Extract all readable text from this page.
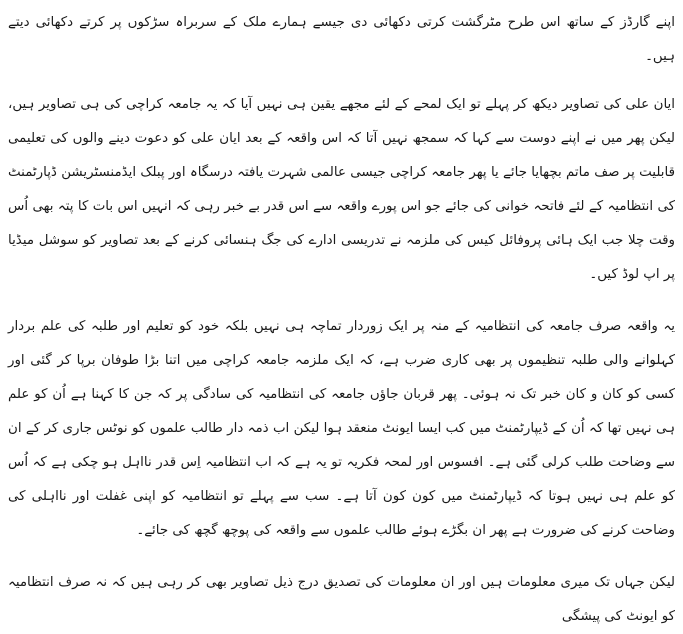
اپنے گارڈز کے ساتھ اس طرح مٹرگشت کرتی دکھائی دی جیسے ہمارے ملک کے سربراہ سڑکوں پر کرتے دکھائی دیتے ہیں۔

ایان علی کی تصاویر دیکھ کر پہلے تو ایک لمحے کے لئے مجھے یقین ہی نہیں آیا کہ یہ جامعہ کراچی کی ہی تصاویر ہیں، لیکن پھر میں نے اپنے دوست سے کہا کہ سمجھ نہیں آتا کہ اس واقعہ کے بعد ایان علی کو دعوت دینے والوں کی تعلیمی قابلیت پر صف ماتم بچھایا جائے یا پھر جامعہ کراچی جیسی عالمی شہرت یافتہ درسگاہ اور پبلک ایڈمنسٹریشن ڈپارٹمنٹ کی انتظامیہ کے لئے فاتحہ خوانی کی جائے جو اس پورے واقعہ سے اس قدر بے خبر رہی کہ انہیں اس بات کا پتہ بھی اُس وقت چلا جب ایک ہائی پروفائل کیس کی ملزمہ نے تدریسی ادارے کی جگ ہنسائی کرنے کے بعد تصاویر کو سوشل میڈیا پر اپ لوڈ کیں۔

یہ واقعہ صرف جامعہ کی انتظامیہ کے منہ پر ایک زوردار تماچہ ہی نہیں بلکہ خود کو تعلیم اور طلبہ کی علم بردار کہلوانے والی طلبہ تنظیموں پر بھی کاری ضرب ہے، کہ ایک ملزمہ جامعہ کراچی میں اتنا بڑا طوفان برپا کر گئی اور کسی کو کان و کان خبر تک نہ ہوئی۔ پھر قربان جاؤں جامعہ کی انتظامیہ کی سادگی پر کہ جن کا کہنا ہے اُن کو علم ہی نہیں تھا کہ اُن کے ڈیپارٹمنٹ میں کب ایسا ایونٹ منعقد ہوا لیکن اب ذمہ دار طالب علموں کو نوٹس جاری کر کے ان سے وضاحت طلب کرلی گئی ہے۔ افسوس اور لمحہ فکریہ تو یہ ہے کہ اب انتظامیہ اِس قدر نااہل ہو چکی ہے کہ اُس کو علم ہی نہیں ہوتا کہ ڈیپارٹمنٹ میں کون کون آتا ہے۔ سب سے پہلے تو انتظامیہ کو اپنی غفلت اور نااہلی کی وضاحت کرنے کی ضرورت ہے پھر ان بگڑے ہوئے طالب علموں سے واقعہ کی پوچھ گچھ کی جائے۔

لیکن جہاں تک میری معلومات ہیں اور ان معلومات کی تصدیق درج ذیل تصاویر بھی کر رہی ہیں کہ نہ صرف انتظامیہ کو ایونٹ کی پیشگی
